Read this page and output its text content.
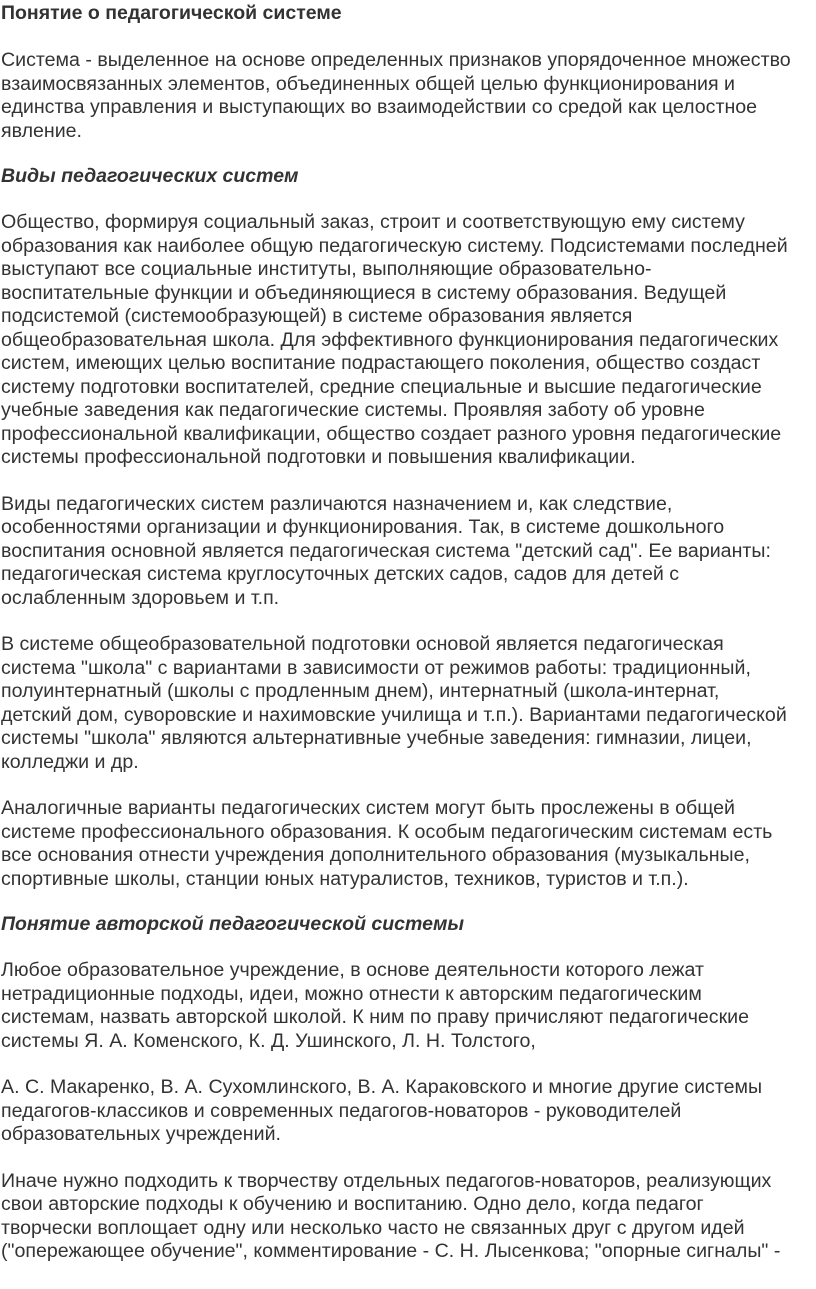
Понятие о педагогической системе

Система - выделенное на основе определенных признаков упорядоченное множество
взаимосвязанных элементов, объединенных общей целью функционирования и
единства управления и выступающих во взаимодействии со средой как целостное
явление.

Виды педагогических систем

Общество, формируя социальный заказ, строит и соответствующую ему систему
образования как наиболее общую педагогическую систему. Подсистемами последней
выступают все социальные институты, выполняющие образовательно-
воспитательные функции и объединяющиеся в систему образования. Ведущей
подсистемой (системообразующей) в системе образования является
общеобразовательная школа. Для эффективного функционирования педагогических
систем, имеющих целью воспитание подрастающего поколения, общество создаст
систему подготовки воспитателей, средние специальные и высшие педагогические
учебные заведения как педагогические системы. Проявляя заботу об уровне
профессиональной квалификации, общество создает разного уровня педагогические
системы профессиональной подготовки и повышения квалификации.

Виды педагогических систем различаются назначением и, как следствие,
особенностями организации и функционирования. Так, в системе дошкольного
воспитания основной является педагогическая система "детский сад". Ее варианты:
педагогическая система круглосуточных детских садов, садов для детей с
ослабленным здоровьем и т.п.

В системе общеобразовательной подготовки основой является педагогическая
система "школа" с вариантами в зависимости от режимов работы: традиционный,
полуинтернатный (школы с продленным днем), интернатный (школа-интернат,
детский дом, суворовские и нахимовские училища и т.п.). Вариантами педагогической
системы "школа" являются альтернативные учебные заведения: гимназии, лицеи,
колледжи и др.

Аналогичные варианты педагогических систем могут быть прослежены в общей
системе профессионального образования. К особым педагогическим системам есть
все основания отнести учреждения дополнительного образования (музыкальные,
спортивные школы, станции юных натуралистов, техников, туристов и т.п.).

Понятие авторской педагогической системы

Любое образовательное учреждение, в основе деятельности которого лежат
нетрадиционные подходы, идеи, можно отнести к авторским педагогическим
системам, назвать авторской школой. К ним по праву причисляют педагогические
системы Я. А. Коменского, К. Д. Ушинского, Л. Н. Толстого,

А. С. Макаренко, В. А. Сухомлинского, В. А. Караковского и многие другие системы
педагогов-классиков и современных педагогов-новаторов - руководителей
образовательных учреждений.

Иначе нужно подходить к творчеству отдельных педагогов-новаторов, реализующих
свои авторские подходы к обучению и воспитанию. Одно дело, когда педагог
творчески воплощает одну или несколько часто не связанных друг с другом идей
("опережающее обучение", комментирование - С. Н. Лысенкова; "опорные сигналы" -
